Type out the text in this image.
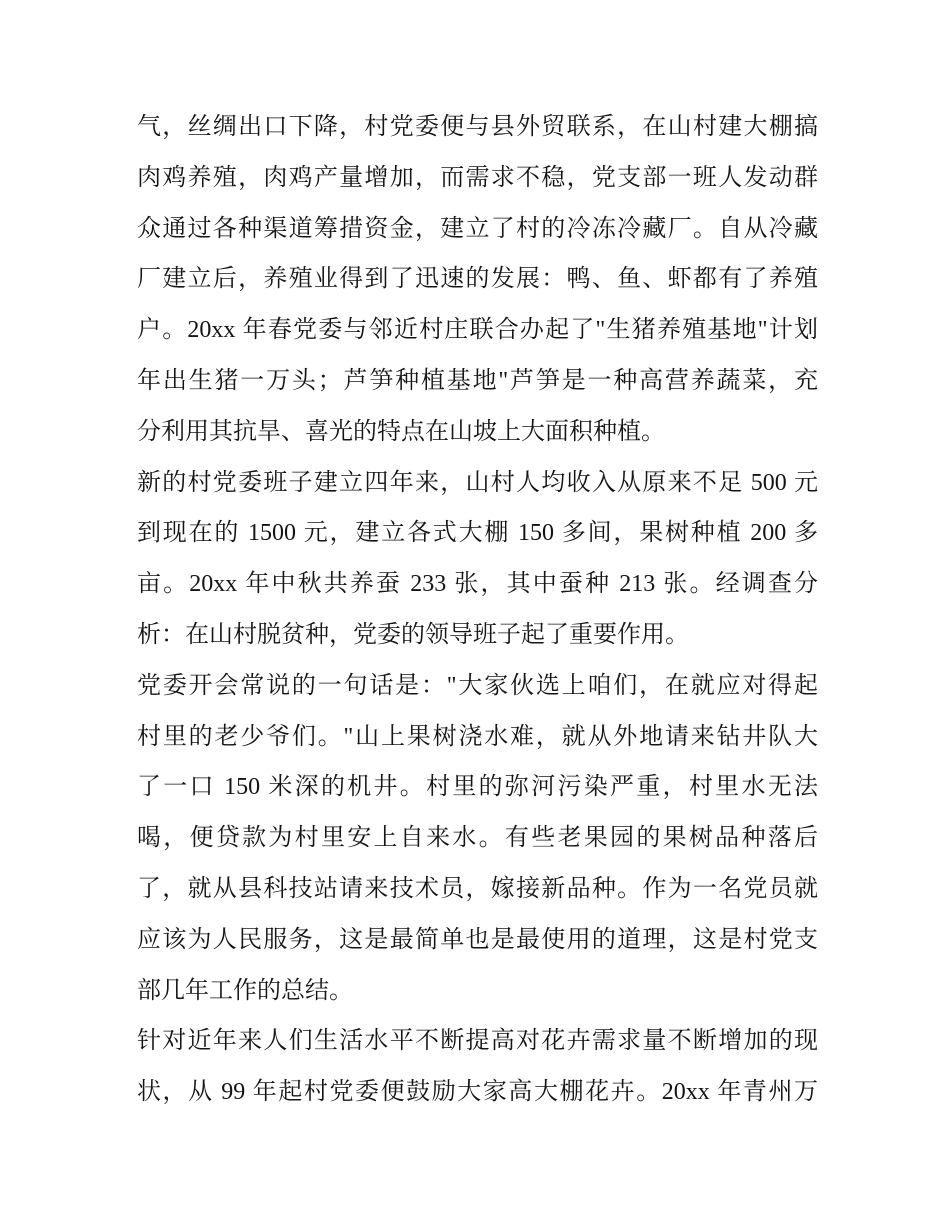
气，丝绸出口下降，村党委便与县外贸联系，在山村建大棚搞
肉鸡养殖，肉鸡产量增加，而需求不稳，党支部一班人发动群
众通过各种渠道筹措资金，建立了村的冷冻冷藏厂。自从冷藏
厂建立后，养殖业得到了迅速的发展：鸭、鱼、虾都有了养殖
户。20xx 年春党委与邻近村庄联合办起了"生猪养殖基地"计划
年出生猪一万头；芦笋种植基地"芦笋是一种高营养蔬菜，充
分利用其抗旱、喜光的特点在山坡上大面积种植。
新的村党委班子建立四年来，山村人均收入从原来不足 500 元
到现在的 1500 元，建立各式大棚 150 多间，果树种植 200 多
亩。20xx 年中秋共养蚕 233 张，其中蚕种 213 张。经调查分
析：在山村脱贫种，党委的领导班子起了重要作用。
党委开会常说的一句话是："大家伙选上咱们，在就应对得起
村里的老少爷们。"山上果树浇水难，就从外地请来钻井队大
了一口 150 米深的机井。村里的弥河污染严重，村里水无法
喝，便贷款为村里安上自来水。有些老果园的果树品种落后
了，就从县科技站请来技术员，嫁接新品种。作为一名党员就
应该为人民服务，这是最简单也是最使用的道理，这是村党支
部几年工作的总结。
针对近年来人们生活水平不断提高对花卉需求量不断增加的现
状，从 99 年起村党委便鼓励大家高大棚花卉。20xx 年青州万
